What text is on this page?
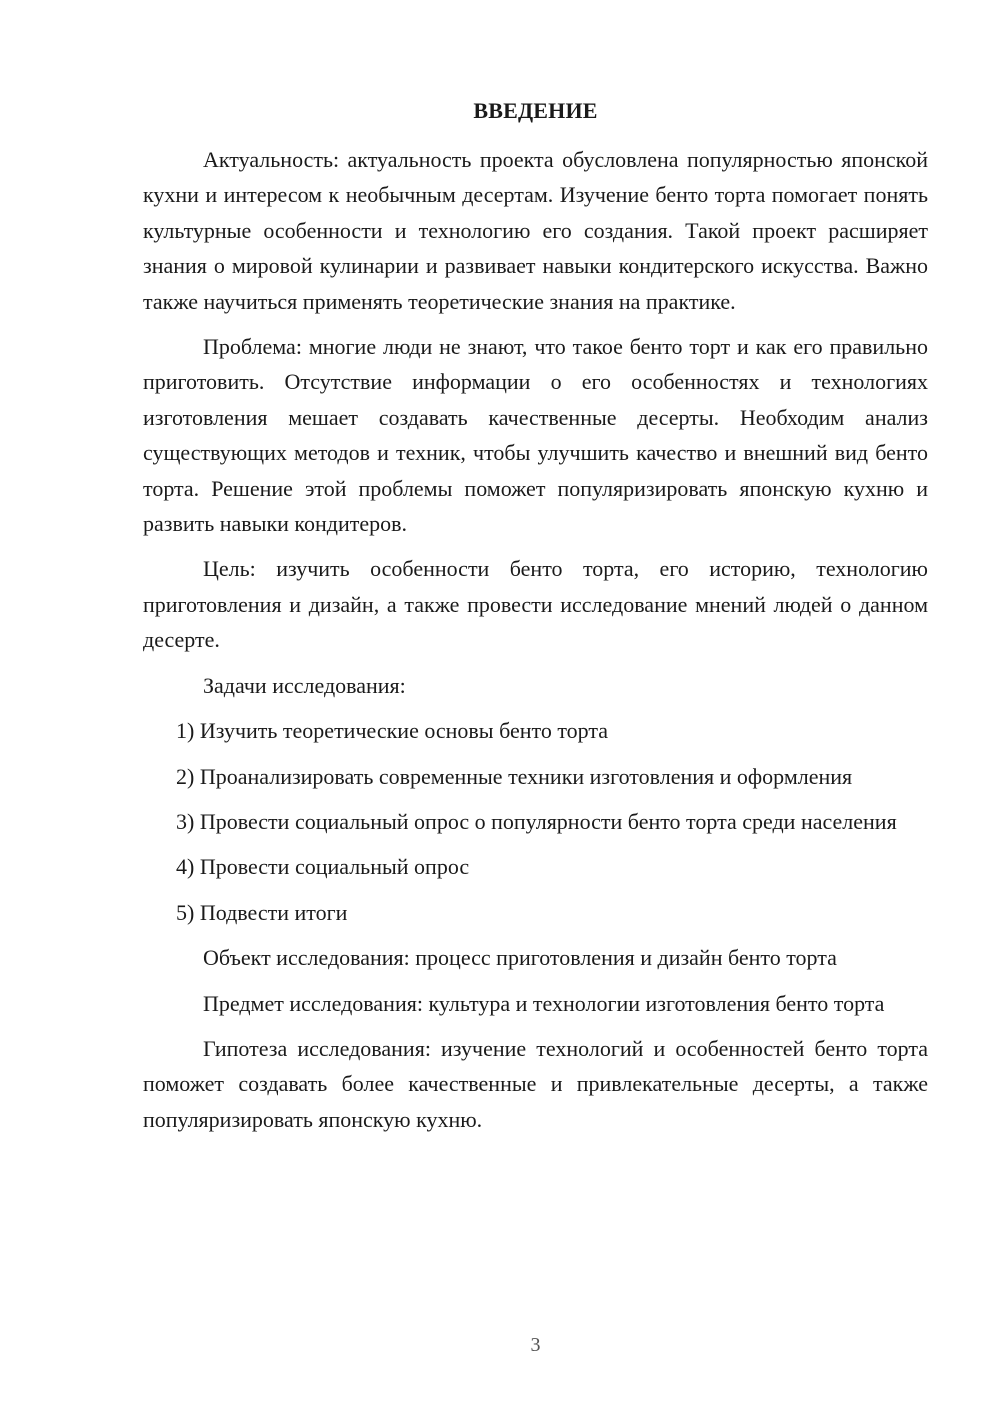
ВВЕДЕНИЕ

Актуальность: актуальность проекта обусловлена популярностью японской кухни и интересом к необычным десертам. Изучение бенто торта помогает понять культурные особенности и технологию его создания. Такой проект расширяет знания о мировой кулинарии и развивает навыки кондитерского искусства. Важно также научиться применять теоретические знания на практике.

Проблема: многие люди не знают, что такое бенто торт и как его правильно приготовить. Отсутствие информации о его особенностях и технологиях изготовления мешает создавать качественные десерты. Необходим анализ существующих методов и техник, чтобы улучшить качество и внешний вид бенто торта. Решение этой проблемы поможет популяризировать японскую кухню и развить навыки кондитеров.

Цель: изучить особенности бенто торта, его историю, технологию приготовления и дизайн, а также провести исследование мнений людей о данном десерте.

Задачи исследования:

1) Изучить теоретические основы бенто торта

2) Проанализировать современные техники изготовления и оформления

3) Провести социальный опрос о популярности бенто торта среди населения

4) Провести социальный опрос

5) Подвести итоги

Объект исследования: процесс приготовления и дизайн бенто торта

Предмет исследования: культура и технологии изготовления бенто торта

Гипотеза исследования: изучение технологий и особенностей бенто торта поможет создавать более качественные и привлекательные десерты, а также популяризировать японскую кухню.

3
